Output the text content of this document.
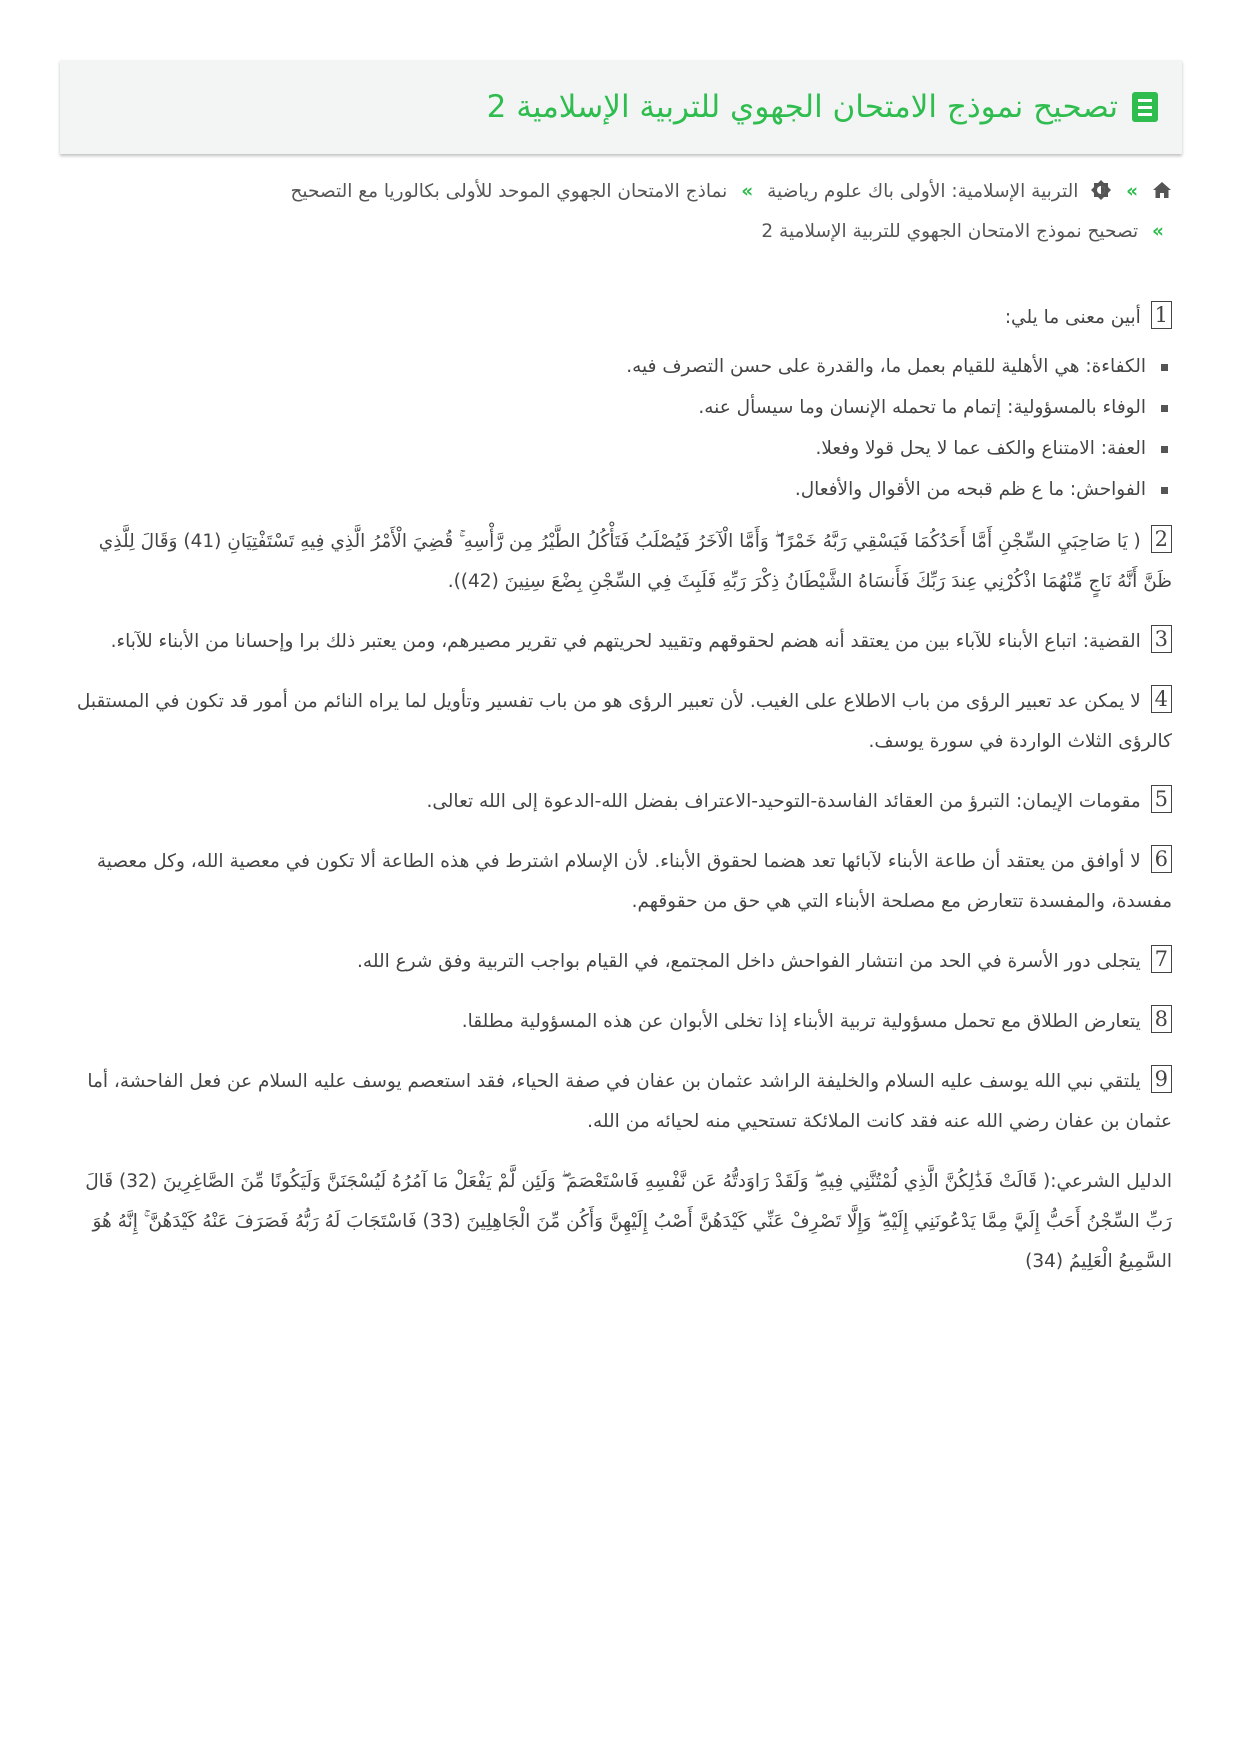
تصحيح نموذج الامتحان الجهوي للتربية الإسلامية 2
»  التربية الإسلامية: الأولى باك علوم رياضية » نماذج الامتحان الجهوي الموحد للأولى بكالوريا مع التصحيح
» تصحيح نموذج الامتحان الجهوي للتربية الإسلامية 2
1 أبين معنى ما يلي:
الكفاءة: هي الأهلية للقيام بعمل ما، والقدرة على حسن التصرف فيه.
الوفاء بالمسؤولية: إتمام ما تحمله الإنسان وما سيسأل عنه.
العفة: الامتناع والكف عما لا يحل قولا وفعلا.
الفواحش: ما ع ظم قبحه من الأقوال والأفعال.
2 ( يَا صَاحِبَيِ السِّجْنِ أَمَّا أَحَدُكُمَا فَيَسْقِي رَبَّهُ خَمْرًا ۖ وَأَمَّا الْآخَرُ فَيُصْلَبُ فَتَأْكُلُ الطَّيْرُ مِن رَّأْسِهِ ۚ قُضِيَ الْأَمْرُ الَّذِي فِيهِ تَسْتَفْتِيَانِ (41) وَقَالَ لِلَّذِي ظَنَّ أَنَّهُ نَاجٍ مِّنْهُمَا اذْكُرْنِي عِندَ رَبِّكَ فَأَنسَاهُ الشَّيْطَانُ ذِكْرَ رَبِّهِ فَلَبِثَ فِي السِّجْنِ بِضْعَ سِنِينَ (42)).
3 القضية: اتباع الأبناء للآباء بين من يعتقد أنه هضم لحقوقهم وتقييد لحريتهم في تقرير مصيرهم، ومن يعتبر ذلك برا وإحسانا من الأبناء للآباء.
4 لا يمكن عد تعبير الرؤى من باب الاطلاع على الغيب. لأن تعبير الرؤى هو من باب تفسير وتأويل لما يراه النائم من أمور قد تكون في المستقبل كالرؤى الثلاث الواردة في سورة يوسف.
5 مقومات الإيمان: التبرؤ من العقائد الفاسدة-التوحيد-الاعتراف بفضل الله-الدعوة إلى الله تعالى.
6 لا أوافق من يعتقد أن طاعة الأبناء لآبائها تعد هضما لحقوق الأبناء. لأن الإسلام اشترط في هذه الطاعة ألا تكون في معصية الله، وكل معصية مفسدة، والمفسدة تتعارض مع مصلحة الأبناء التي هي حق من حقوقهم.
7 يتجلى دور الأسرة في الحد من انتشار الفواحش داخل المجتمع، في القيام بواجب التربية وفق شرع الله.
8 يتعارض الطلاق مع تحمل مسؤولية تربية الأبناء إذا تخلى الأبوان عن هذه المسؤولية مطلقا.
9 يلتقي نبي الله يوسف عليه السلام والخليفة الراشد عثمان بن عفان في صفة الحياء، فقد استعصم يوسف عليه السلام عن فعل الفاحشة، أما عثمان بن عفان رضي الله عنه فقد كانت الملائكة تستحيي منه لحيائه من الله.
الدليل الشرعي:( قَالَتْ فَذَٰلِكُنَّ الَّذِي لُمْتُنَّنِي فِيهِ ۖ وَلَقَدْ رَاوَدتُّهُ عَن نَّفْسِهِ فَاسْتَعْصَمَ ۖ وَلَئِن لَّمْ يَفْعَلْ مَا آمُرُهُ لَيُسْجَنَنَّ وَلَيَكُونًا مِّنَ الصَّاغِرِينَ (32) قَالَ رَبِّ السِّجْنُ أَحَبُّ إِلَيَّ مِمَّا يَدْعُونَنِي إِلَيْهِ ۖ وَإِلَّا تَصْرِفْ عَنِّي كَيْدَهُنَّ أَصْبُ إِلَيْهِنَّ وَأَكُن مِّنَ الْجَاهِلِينَ (33) فَاسْتَجَابَ لَهُ رَبُّهُ فَصَرَفَ عَنْهُ كَيْدَهُنَّ ۚ إِنَّهُ هُوَ السَّمِيعُ الْعَلِيمُ (34)
